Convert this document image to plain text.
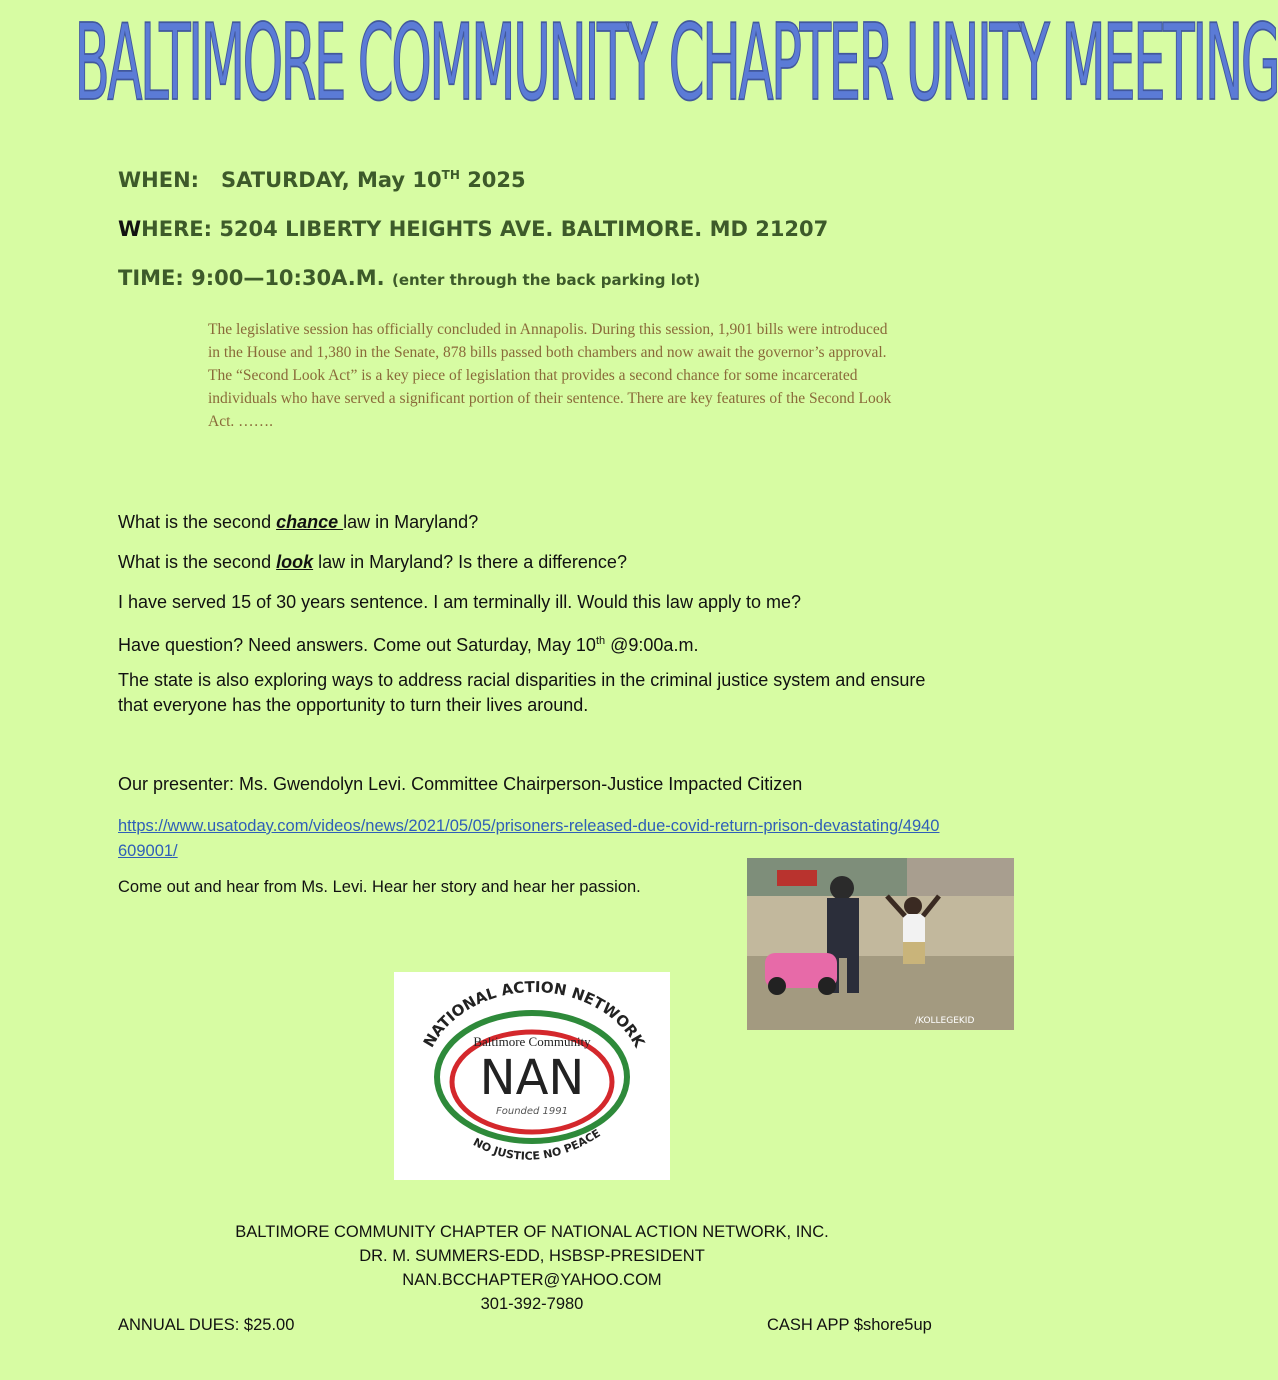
BALTIMORE COMMUNITY CHAPTER UNITY MEETING
WHEN: SATURDAY, May 10TH 2025
WHERE: 5204 LIBERTY HEIGHTS AVE. BALTIMORE. MD 21207
TIME: 9:00—10:30A.M. (enter through the back parking lot)
The legislative session has officially concluded in Annapolis. During this session, 1,901 bills were introduced in the House and 1,380 in the Senate, 878 bills passed both chambers and now await the governor’s approval. The “Second Look Act” is a key piece of legislation that provides a second chance for some incarcerated individuals who have served a significant portion of their sentence. There are key features of the Second Look Act. …….
What is the second chance law in Maryland?
What is the second look law in Maryland? Is there a difference?
I have served 15 of 30 years sentence. I am terminally ill. Would this law apply to me?
Have question? Need answers. Come out Saturday, May 10th @9:00a.m.
The state is also exploring ways to address racial disparities in the criminal justice system and ensure that everyone has the opportunity to turn their lives around.
Our presenter: Ms. Gwendolyn Levi. Committee Chairperson-Justice Impacted Citizen
https://www.usatoday.com/videos/news/2021/05/05/prisoners-released-due-covid-return-prison-devastating/4940609001/
Come out and hear from Ms. Levi. Hear her story and hear her passion.
/KOLLEGEKID
NATIONAL ACTION NETWORK
Baltimore Community
NAN
Founded 1991
NO JUSTICE NO PEACE
BALTIMORE COMMUNITY CHAPTER OF NATIONAL ACTION NETWORK, INC.
DR. M. SUMMERS-EDD, HSBSP-PRESIDENT
NAN.BCCHAPTER@YAHOO.COM
301-392-7980
ANNUAL DUES: $25.00	CASH APP $shore5up
